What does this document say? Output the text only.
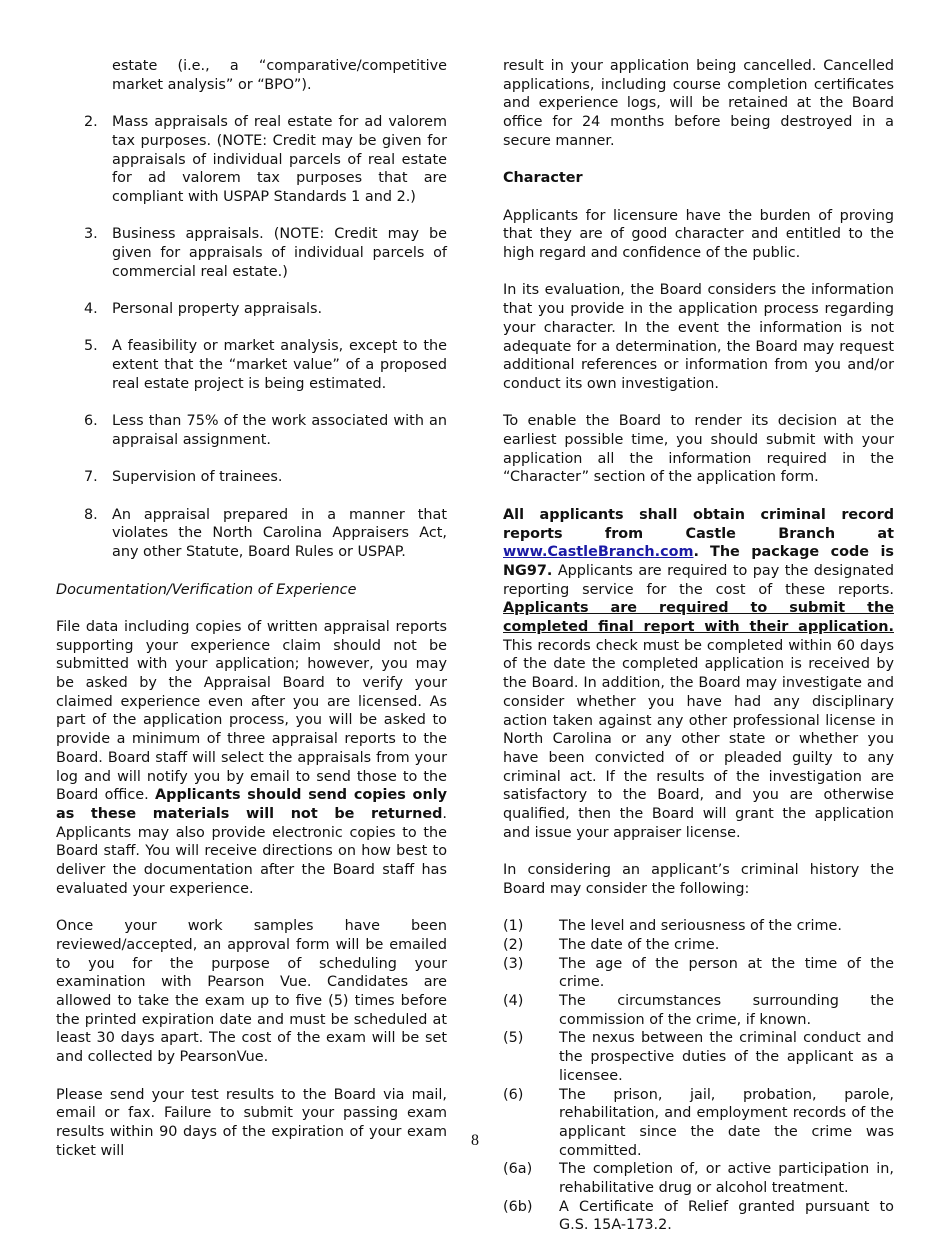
estate (i.e., a “comparative/competitive market analysis” or “BPO”).

2. Mass appraisals of real estate for ad valorem tax purposes. (NOTE: Credit may be given for appraisals of individual parcels of real estate for ad valorem tax purposes that are compliant with USPAP Standards 1 and 2.)
3. Business appraisals. (NOTE: Credit may be given for appraisals of individual parcels of commercial real estate.)
4. Personal property appraisals.
5. A feasibility or market analysis, except to the extent that the “market value” of a proposed real estate project is being estimated.
6. Less than 75% of the work associated with an appraisal assignment.
7. Supervision of trainees.
8. An appraisal prepared in a manner that violates the North Carolina Appraisers Act, any other Statute, Board Rules or USPAP.

Documentation/Verification of Experience

File data including copies of written appraisal reports supporting your experience claim should not be submitted with your application; however, you may be asked by the Appraisal Board to verify your claimed experience even after you are licensed. As part of the application process, you will be asked to provide a minimum of three appraisal reports to the Board. Board staff will select the appraisals from your log and will notify you by email to send those to the Board office. Applicants should send copies only as these materials will not be returned. Applicants may also provide electronic copies to the Board staff. You will receive directions on how best to deliver the documentation after the Board staff has evaluated your experience.

Once your work samples have been reviewed/accepted, an approval form will be emailed to you for the purpose of scheduling your examination with Pearson Vue. Candidates are allowed to take the exam up to five (5) times before the printed expiration date and must be scheduled at least 30 days apart. The cost of the exam will be set and collected by PearsonVue.

Please send your test results to the Board via mail, email or fax. Failure to submit your passing exam results within 90 days of the expiration of your exam ticket will

result in your application being cancelled. Cancelled applications, including course completion certificates and experience logs, will be retained at the Board office for 24 months before being destroyed in a secure manner.

Character

Applicants for licensure have the burden of proving that they are of good character and entitled to the high regard and confidence of the public.

In its evaluation, the Board considers the information that you provide in the application process regarding your character. In the event the information is not adequate for a determination, the Board may request additional references or information from you and/or conduct its own investigation.

To enable the Board to render its decision at the earliest possible time, you should submit with your application all the information required in the “Character” section of the application form.

All applicants shall obtain criminal record reports from Castle Branch at www.CastleBranch.com. The package code is NG97. Applicants are required to pay the designated reporting service for the cost of these reports. Applicants are required to submit the completed final report with their application. This records check must be completed within 60 days of the date the completed application is received by the Board. In addition, the Board may investigate and consider whether you have had any disciplinary action taken against any other professional license in North Carolina or any other state or whether you have been convicted of or pleaded guilty to any criminal act. If the results of the investigation are satisfactory to the Board, and you are otherwise qualified, then the Board will grant the application and issue your appraiser license.

In considering an applicant’s criminal history the Board may consider the following:

(1)	The level and seriousness of the crime.
(2)	The date of the crime.
(3)	The age of the person at the time of the crime.
(4)	The circumstances surrounding the commission of the crime, if known.
(5)	The nexus between the criminal conduct and the prospective duties of the applicant as a licensee.
(6)	The prison, jail, probation, parole, rehabilitation, and employment records of the applicant since the date the crime was committed.
(6a)	The completion of, or active participation in, rehabilitative drug or alcohol treatment.
(6b)	A Certificate of Relief granted pursuant to G.S. 15A-173.2.
8
